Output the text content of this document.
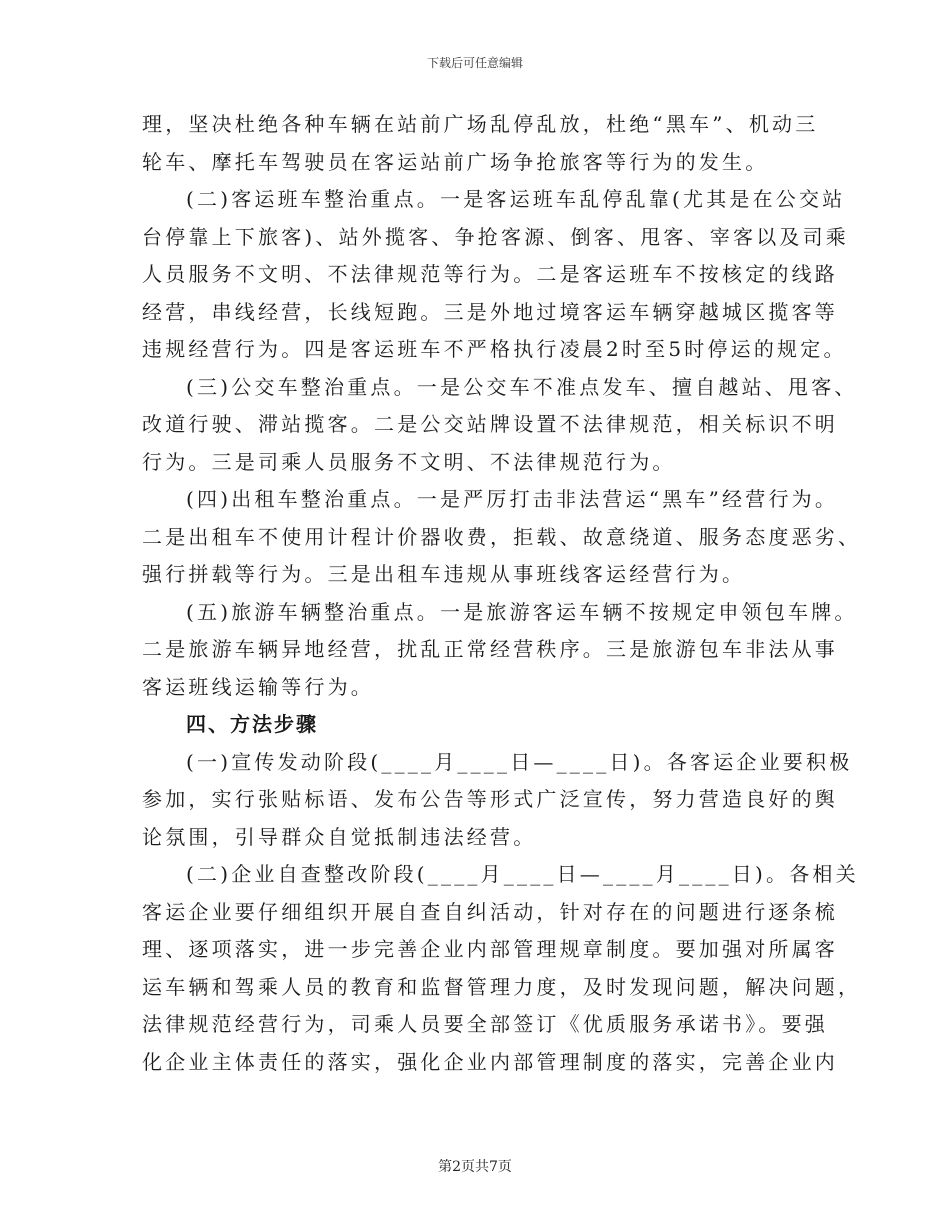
下载后可任意编辑
理，坚决杜绝各种车辆在站前广场乱停乱放，杜绝“黑车”、机动三
轮车、摩托车驾驶员在客运站前广场争抢旅客等行为的发生。
(二)客运班车整治重点。一是客运班车乱停乱靠(尤其是在公交站
台停靠上下旅客)、站外揽客、争抢客源、倒客、甩客、宰客以及司乘
人员服务不文明、不法律规范等行为。二是客运班车不按核定的线路
经营，串线经营，长线短跑。三是外地过境客运车辆穿越城区揽客等
违规经营行为。四是客运班车不严格执行凌晨2时至5时停运的规定。
(三)公交车整治重点。一是公交车不准点发车、擅自越站、甩客、
改道行驶、滞站揽客。二是公交站牌设置不法律规范，相关标识不明
行为。三是司乘人员服务不文明、不法律规范行为。
(四)出租车整治重点。一是严厉打击非法营运“黑车”经营行为。
二是出租车不使用计程计价器收费，拒载、故意绕道、服务态度恶劣、
强行拼载等行为。三是出租车违规从事班线客运经营行为。
(五)旅游车辆整治重点。一是旅游客运车辆不按规定申领包车牌。
二是旅游车辆异地经营，扰乱正常经营秩序。三是旅游包车非法从事
客运班线运输等行为。
四、方法步骤
(一)宣传发动阶段(____月____日—____日)。各客运企业要积极
参加，实行张贴标语、发布公告等形式广泛宣传，努力营造良好的舆
论氛围，引导群众自觉抵制违法经营。
(二)企业自查整改阶段(____月____日—____月____日)。各相关
客运企业要仔细组织开展自查自纠活动，针对存在的问题进行逐条梳
理、逐项落实，进一步完善企业内部管理规章制度。要加强对所属客
运车辆和驾乘人员的教育和监督管理力度，及时发现问题，解决问题，
法律规范经营行为，司乘人员要全部签订《优质服务承诺书》。要强
化企业主体责任的落实，强化企业内部管理制度的落实，完善企业内
第2页共7页
